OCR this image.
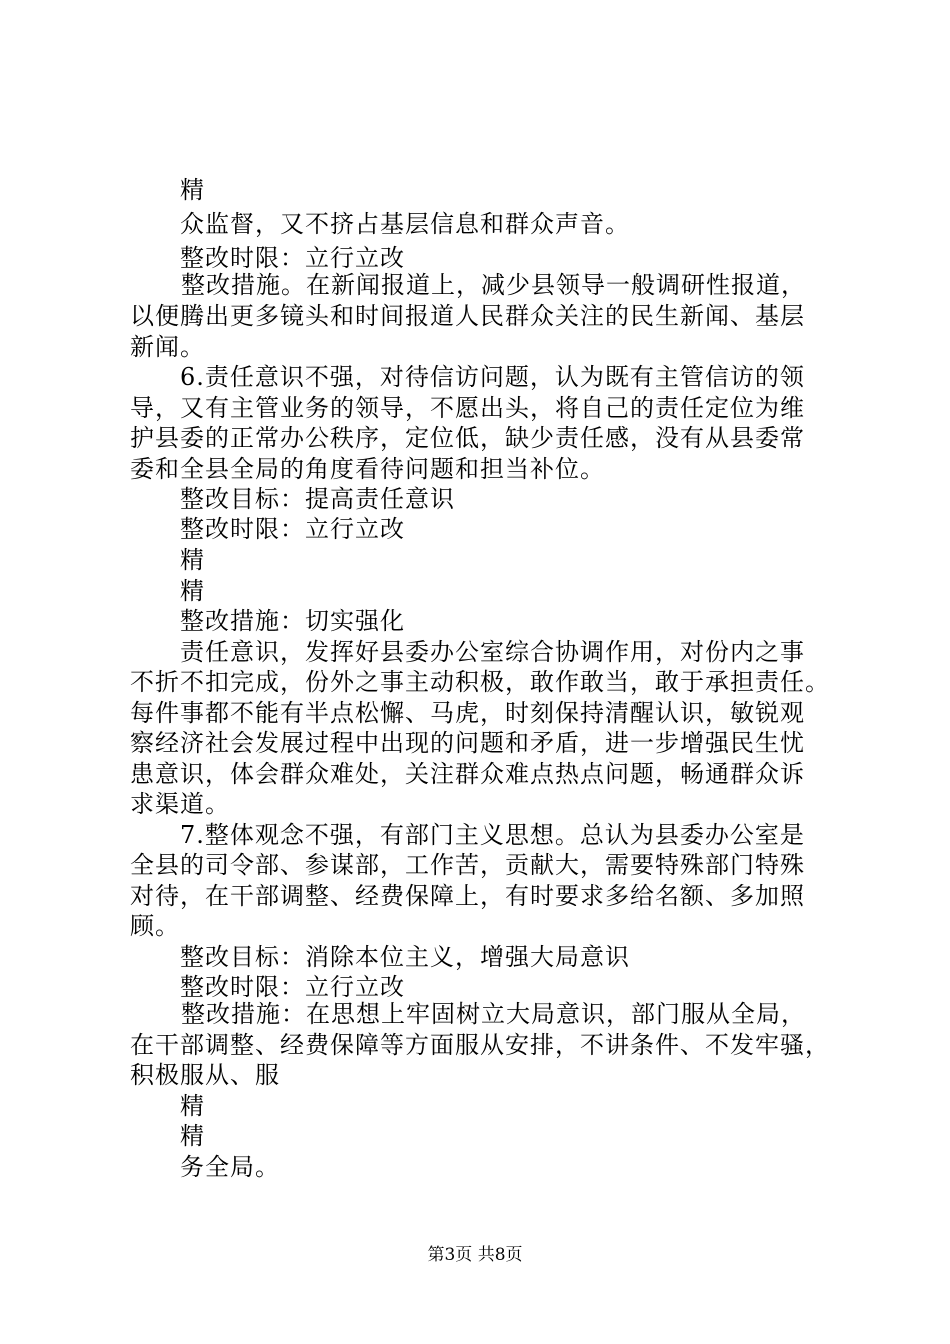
精
众监督，又不挤占基层信息和群众声音。
整改时限：立行立改
整改措施。在新闻报道上，减少县领导一般调研性报道，
以便腾出更多镜头和时间报道人民群众关注的民生新闻、基层
新闻。
6.责任意识不强，对待信访问题，认为既有主管信访的领
导，又有主管业务的领导，不愿出头，将自己的责任定位为维
护县委的正常办公秩序，定位低，缺少责任感，没有从县委常
委和全县全局的角度看待问题和担当补位。
整改目标：提高责任意识
整改时限：立行立改
精
精
整改措施：切实强化
责任意识，发挥好县委办公室综合协调作用，对份内之事
不折不扣完成，份外之事主动积极，敢作敢当，敢于承担责任。
每件事都不能有半点松懈、马虎，时刻保持清醒认识，敏锐观
察经济社会发展过程中出现的问题和矛盾，进一步增强民生忧
患意识，体会群众难处，关注群众难点热点问题，畅通群众诉
求渠道。
7.整体观念不强，有部门主义思想。总认为县委办公室是
全县的司令部、参谋部，工作苦，贡献大，需要特殊部门特殊
对待，在干部调整、经费保障上，有时要求多给名额、多加照
顾。
整改目标：消除本位主义，增强大局意识
整改时限：立行立改
整改措施：在思想上牢固树立大局意识，部门服从全局，
在干部调整、经费保障等方面服从安排，不讲条件、不发牢骚，
积极服从、服
精
精
务全局。
第3页 共8页
